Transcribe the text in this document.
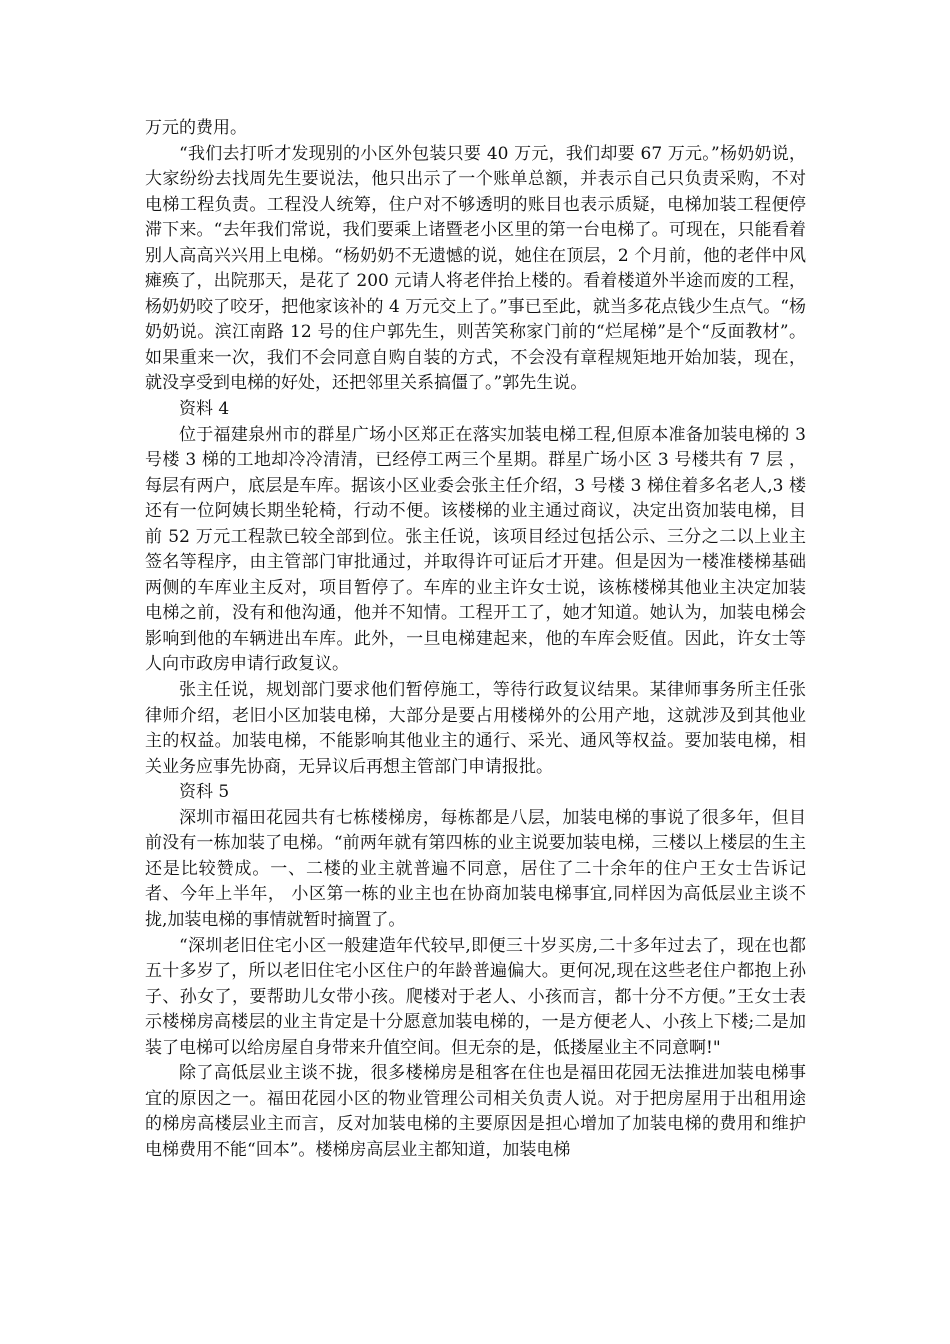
万元的费用。

“我们去打听才发现别的小区外包装只要 40 万元，我们却要 67 万元。”杨奶奶说，大家纷纷去找周先生要说法，他只出示了一个账单总额，并表示自己只负责采购，不对电梯工程负责。工程没人统筹，住户对不够透明的账目也表示质疑，电梯加装工程便停滞下来。“去年我们常说，我们要乘上诸暨老小区里的第一台电梯了。可现在，只能看着别人高高兴兴用上电梯。“杨奶奶不无遗憾的说，她住在顶层，2 个月前，他的老伴中风瘫痪了，出院那天，是花了 200 元请人将老伴抬上楼的。看着楼道外半途而废的工程，杨奶奶咬了咬牙，把他家该补的 4 万元交上了。”事已至此，就当多花点钱少生点气。“杨奶奶说。滨江南路 12 号的住户郭先生，则苦笑称家门前的“烂尾梯”是个“反面教材”。如果重来一次，我们不会同意自购自装的方式，不会没有章程规矩地开始加装，现在，就没享受到电梯的好处，还把邻里关系搞僵了。”郭先生说。

资料 4

位于福建泉州市的群星广场小区郑正在落实加装电梯工程,但原本准备加装电梯的 3 号楼 3 梯的工地却冷冷清清，已经停工两三个星期。群星广场小区 3 号楼共有 7 层 ，每层有两户，底层是车库。据该小区业委会张主任介绍，3 号楼 3 梯住着多名老人,3 楼还有一位阿姨长期坐轮椅，行动不便。该楼梯的业主通过商议，决定出资加装电梯，目前 52 万元工程款已较全部到位。张主任说，该项目经过包括公示、三分之二以上业主签名等程序，由主管部门审批通过，并取得许可证后才开建。但是因为一楼准楼梯基础两侧的车库业主反对，项目暂停了。车库的业主许女士说，该栋楼梯其他业主决定加装电梯之前，没有和他沟通，他并不知情。工程开工了，她才知道。她认为，加装电梯会影响到他的车辆进出车库。此外，一旦电梯建起来，他的车库会贬值。因此，许女士等人向市政房申请行政复议。

张主任说，规划部门要求他们暂停施工，等待行政复议结果。某律师事务所主任张律师介绍，老旧小区加装电梯，大部分是要占用楼梯外的公用产地，这就涉及到其他业主的权益。加装电梯，不能影响其他业主的通行、采光、通风等权益。要加装电梯，相关业务应事先协商，无异议后再想主管部门申请报批。

资科 5

深圳市福田花园共有七栋楼梯房，每栋都是八层，加装电梯的事说了很多年，但目前没有一栋加装了电梯。“前两年就有第四栋的业主说要加装电梯，三楼以上楼层的生主还是比较赞成。一、二楼的业主就普遍不同意，居住了二十余年的住户王女士告诉记者、今年上半年， 小区第一栋的业主也在协商加装电梯事宜,同样因为高低层业主谈不拢,加装电梯的事情就暂时摘置了。

“深圳老旧住宅小区一般建造年代较早,即便三十岁买房,二十多年过去了，现在也都五十多岁了，所以老旧住宅小区住户的年龄普遍偏大。更何况,现在这些老住户都抱上孙子、孙女了，要帮助儿女带小孩。爬楼对于老人、小孩而言，都十分不方便。”王女士表示楼梯房高楼层的业主肯定是十分愿意加装电梯的，一是方便老人、小孩上下楼;二是加装了电梯可以给房屋自身带来升值空间。但无奈的是，低搂屋业主不同意啊!"

除了高低层业主谈不拢，很多楼梯房是租客在住也是福田花园无法推进加装电梯事宜的原因之一。福田花园小区的物业管理公司相关负责人说。对于把房屋用于出租用途的梯房高楼层业主而言，反对加装电梯的主要原因是担心增加了加装电梯的费用和维护电梯费用不能“回本”。楼梯房高层业主都知道，加装电梯
